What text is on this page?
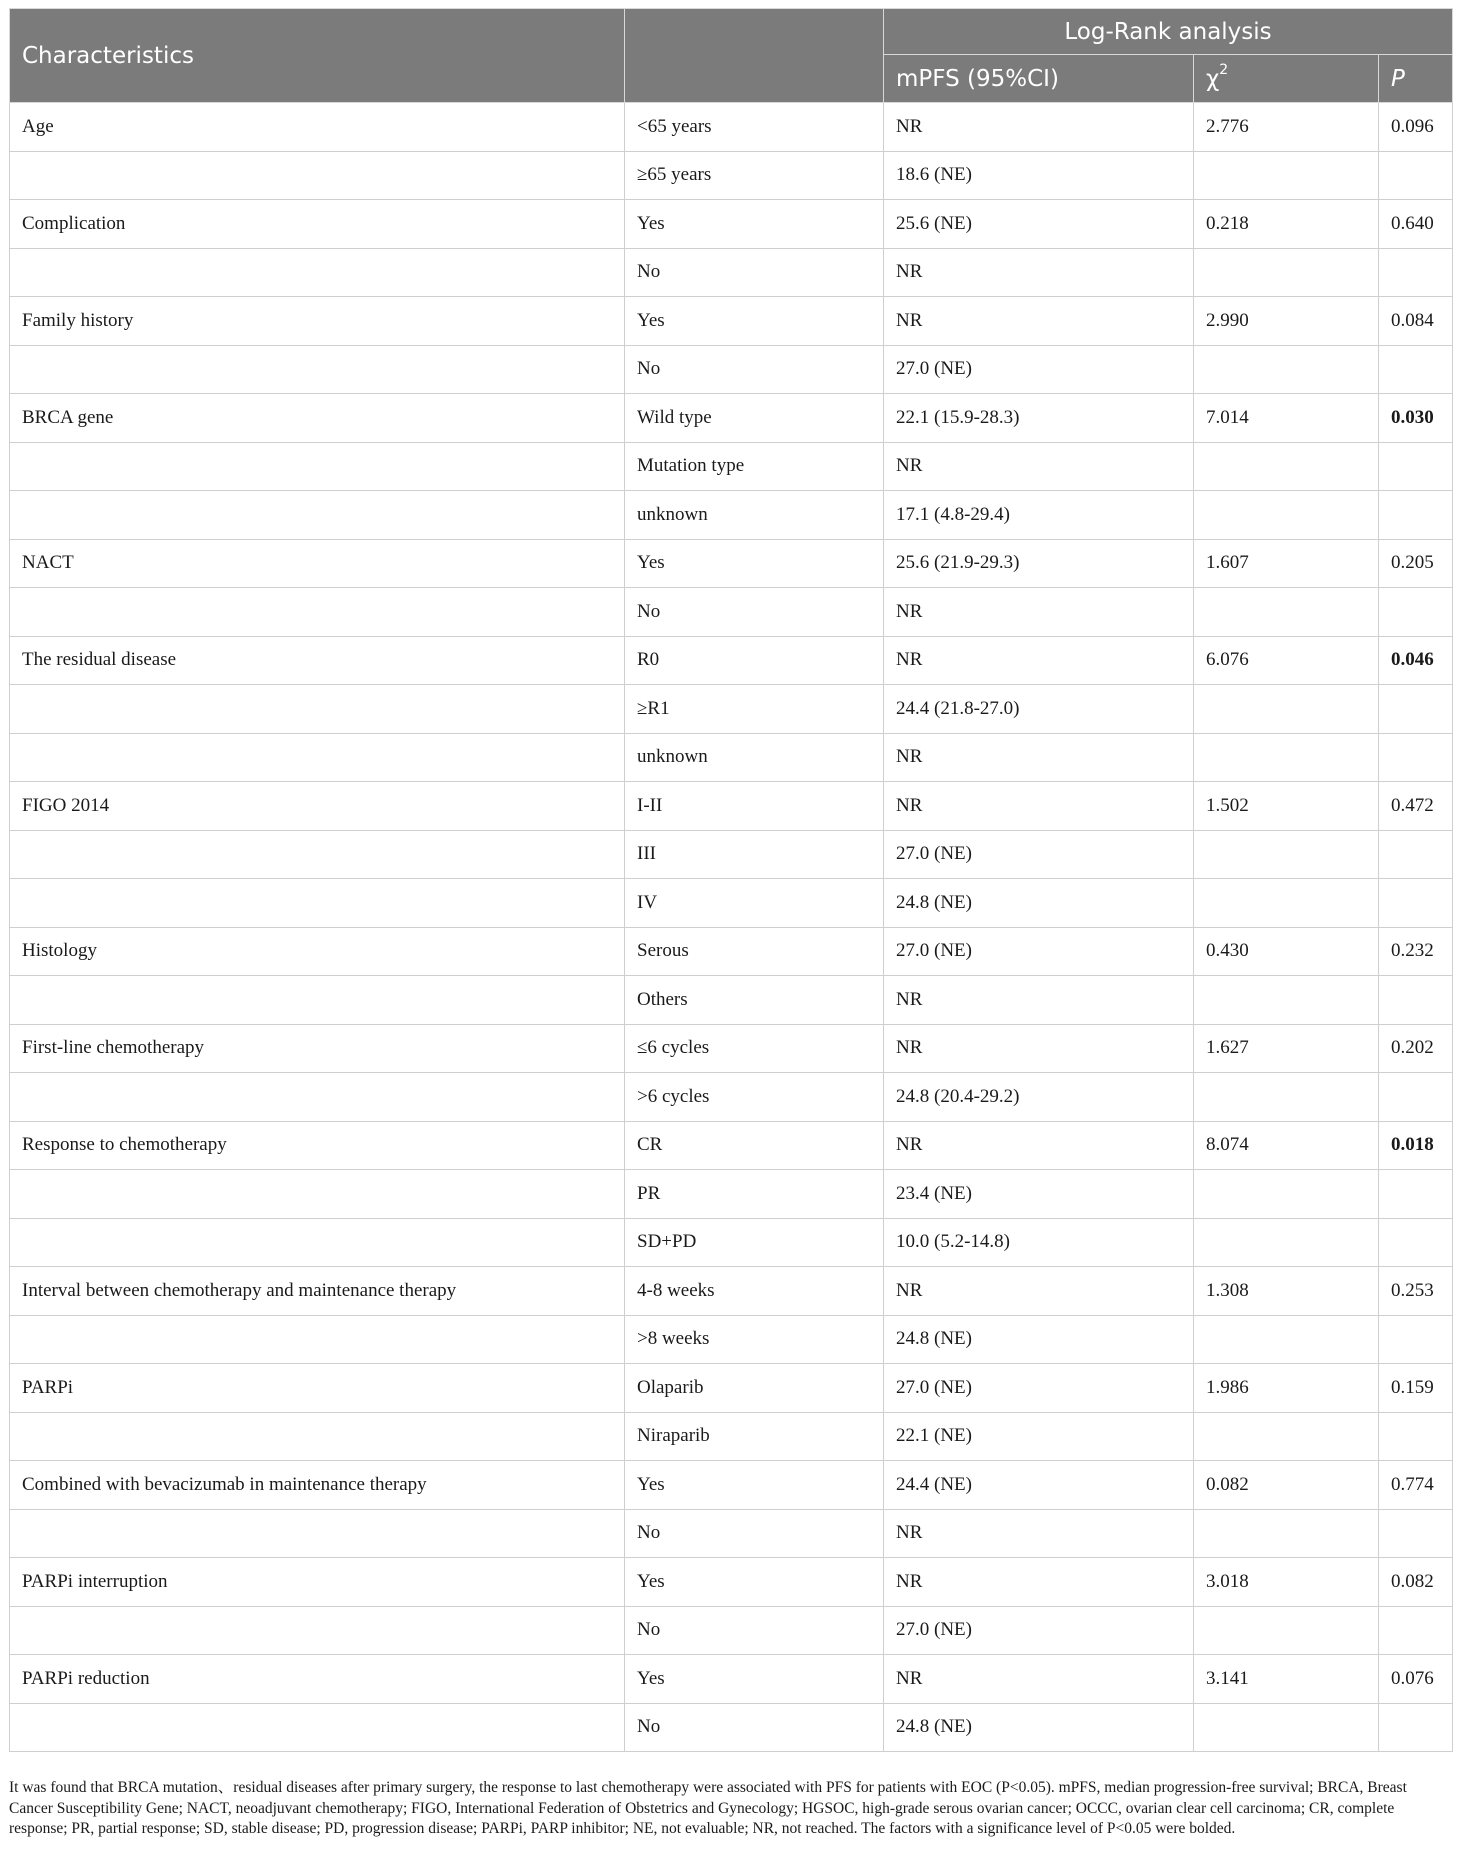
Characteristics		Log-Rank analysis		
		mPFS (95%CI)	$\chi^2$	P
Age	<65 years	NR	2.776	0.096
	≥65 years	18.6 (NE)		
Complication	Yes	25.6 (NE)	0.218	0.640
	No	NR		
Family history	Yes	NR	2.990	0.084
	No	27.0 (NE)		
BRCA gene	Wild type	22.1 (15.9-28.3)	7.014	0.030
	Mutation type	NR		
	unknown	17.1 (4.8-29.4)		
NACT	Yes	25.6 (21.9-29.3)	1.607	0.205
	No	NR		
The residual disease	R0	NR	6.076	0.046
	≥R1	24.4 (21.8-27.0)		
	unknown	NR		
FIGO 2014	I-II	NR	1.502	0.472
	III	27.0 (NE)		
	IV	24.8 (NE)		
Histology	Serous	27.0 (NE)	0.430	0.232
	Others	NR		
First-line chemotherapy	≤6 cycles	NR	1.627	0.202
	>6 cycles	24.8 (20.4-29.2)		
Response to chemotherapy	CR	NR	8.074	0.018
	PR	23.4 (NE)		
	SD+PD	10.0 (5.2-14.8)		
Interval between chemotherapy and maintenance therapy	4-8 weeks	NR	1.308	0.253
	>8 weeks	24.8 (NE)		
PARPi	Olaparib	27.0 (NE)	1.986	0.159
	Niraparib	22.1 (NE)		
Combined with bevacizumab in maintenance therapy	Yes	24.4 (NE)	0.082	0.774
	No	NR		
PARPi interruption	Yes	NR	3.018	0.082
	No	27.0 (NE)		
PARPi reduction	Yes	NR	3.141	0.076
	No	24.8 (NE)		
It was found that BRCA mutation、residual diseases after primary surgery, the response to last chemotherapy were associated with PFS for patients with EOC (P<0.05). mPFS, median progression-free survival; BRCA, Breast Cancer Susceptibility Gene; NACT, neoadjuvant chemotherapy; FIGO, International Federation of Obstetrics and Gynecology; HGSOC, high-grade serous ovarian cancer; OCCC, ovarian clear cell carcinoma; CR, complete response; PR, partial response; SD, stable disease; PD, progression disease; PARPi, PARP inhibitor; NE, not evaluable; NR, not reached. The factors with a significance level of P<0.05 were bolded.
